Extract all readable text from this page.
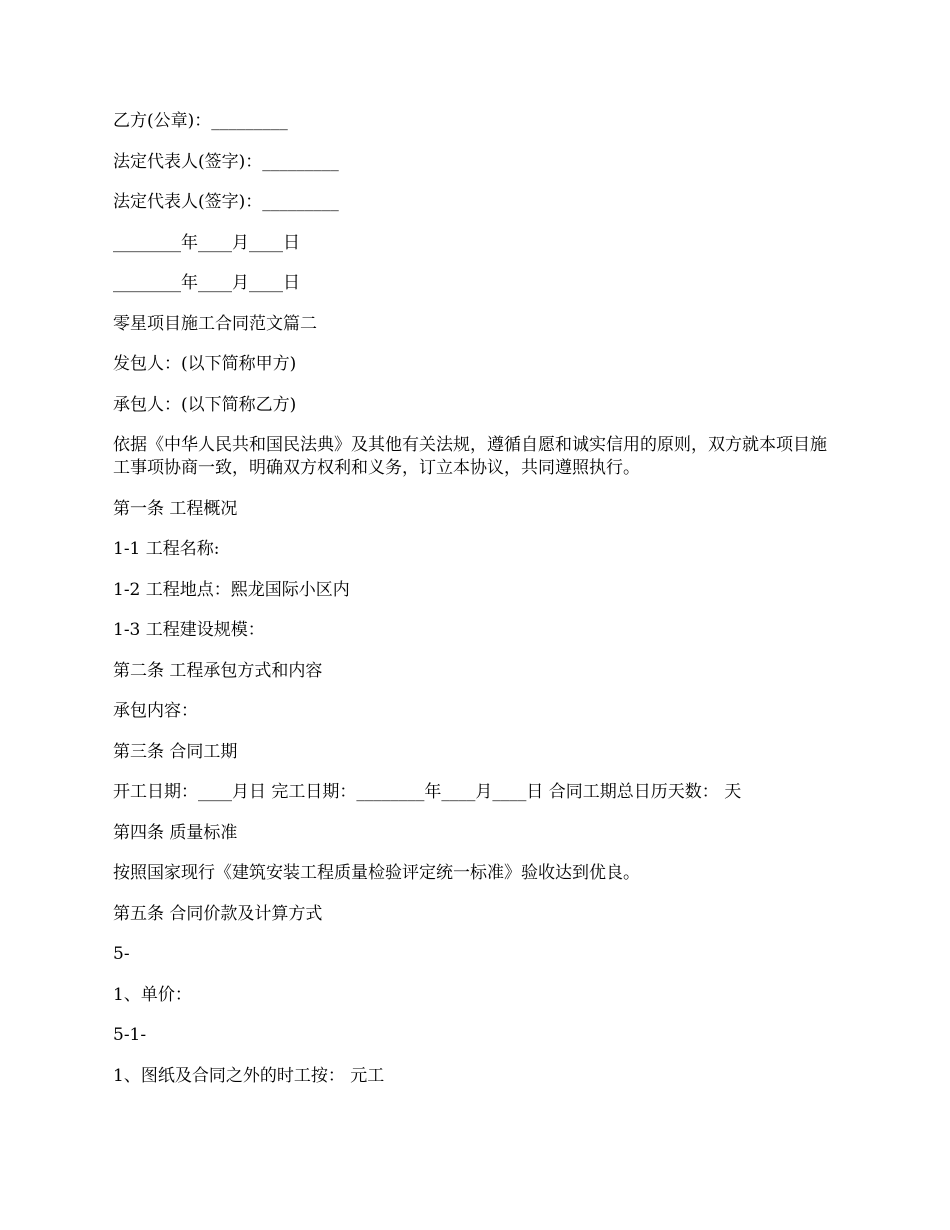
乙方(公章)：_________

法定代表人(签字)：_________

法定代表人(签字)：_________

________年____月____日

________年____月____日

零星项目施工合同范文篇二

发包人：(以下简称甲方)

承包人：(以下简称乙方)

依据《中华人民共和国民法典》及其他有关法规，遵循自愿和诚实信用的原则，双方就本项目施工事项协商一致，明确双方权利和义务，订立本协议，共同遵照执行。

第一条 工程概况

1-1 工程名称:

1-2 工程地点：熙龙国际小区内

1-3 工程建设规模：

第二条 工程承包方式和内容

承包内容：

第三条 合同工期

开工日期：____月日 完工日期：________年____月____日 合同工期总日历天数： 天

第四条 质量标准

按照国家现行《建筑安装工程质量检验评定统一标准》验收达到优良。

第五条 合同价款及计算方式

5-

1、单价：

5-1-

1、图纸及合同之外的时工按： 元工
